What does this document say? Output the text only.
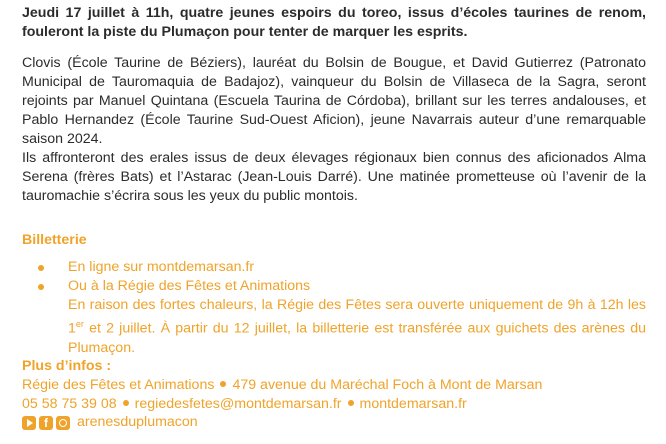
Jeudi 17 juillet à 11h, quatre jeunes espoirs du toreo, issus d’écoles taurines de renom, fouleront la piste du Plumaçon pour tenter de marquer les esprits.

Clovis (École Taurine de Béziers), lauréat du Bolsin de Bougue, et David Gutierrez (Patronato Municipal de Tauromaquia de Badajoz), vainqueur du Bolsin de Villaseca de la Sagra, seront rejoints par Manuel Quintana (Escuela Taurina de Córdoba), brillant sur les terres andalouses, et Pablo Hernandez (École Taurine Sud-Ouest Aficion), jeune Navarrais auteur d’une remarquable saison 2024.

Ils affronteront des erales issus de deux élevages régionaux bien connus des aficionados Alma Serena (frères Bats) et l’Astarac (Jean-Louis Darré). Une matinée prometteuse où l’avenir de la tauromachie s’écrira sous les yeux du public montois.

Billetterie
En ligne sur montdemarsan.fr
Ou à la Régie des Fêtes et Animations
En raison des fortes chaleurs, la Régie des Fêtes sera ouverte uniquement de 9h à 12h les 1er et 2 juillet. À partir du 12 juillet, la billetterie est transférée aux guichets des arènes du Plumaçon.
Plus d’infos :
Régie des Fêtes et Animations 479 avenue du Maréchal Foch à Mont de Marsan
05 58 75 39 08 regiedesfetes@montdemarsan.fr montdemarsan.fr
f	arenesduplumacon
